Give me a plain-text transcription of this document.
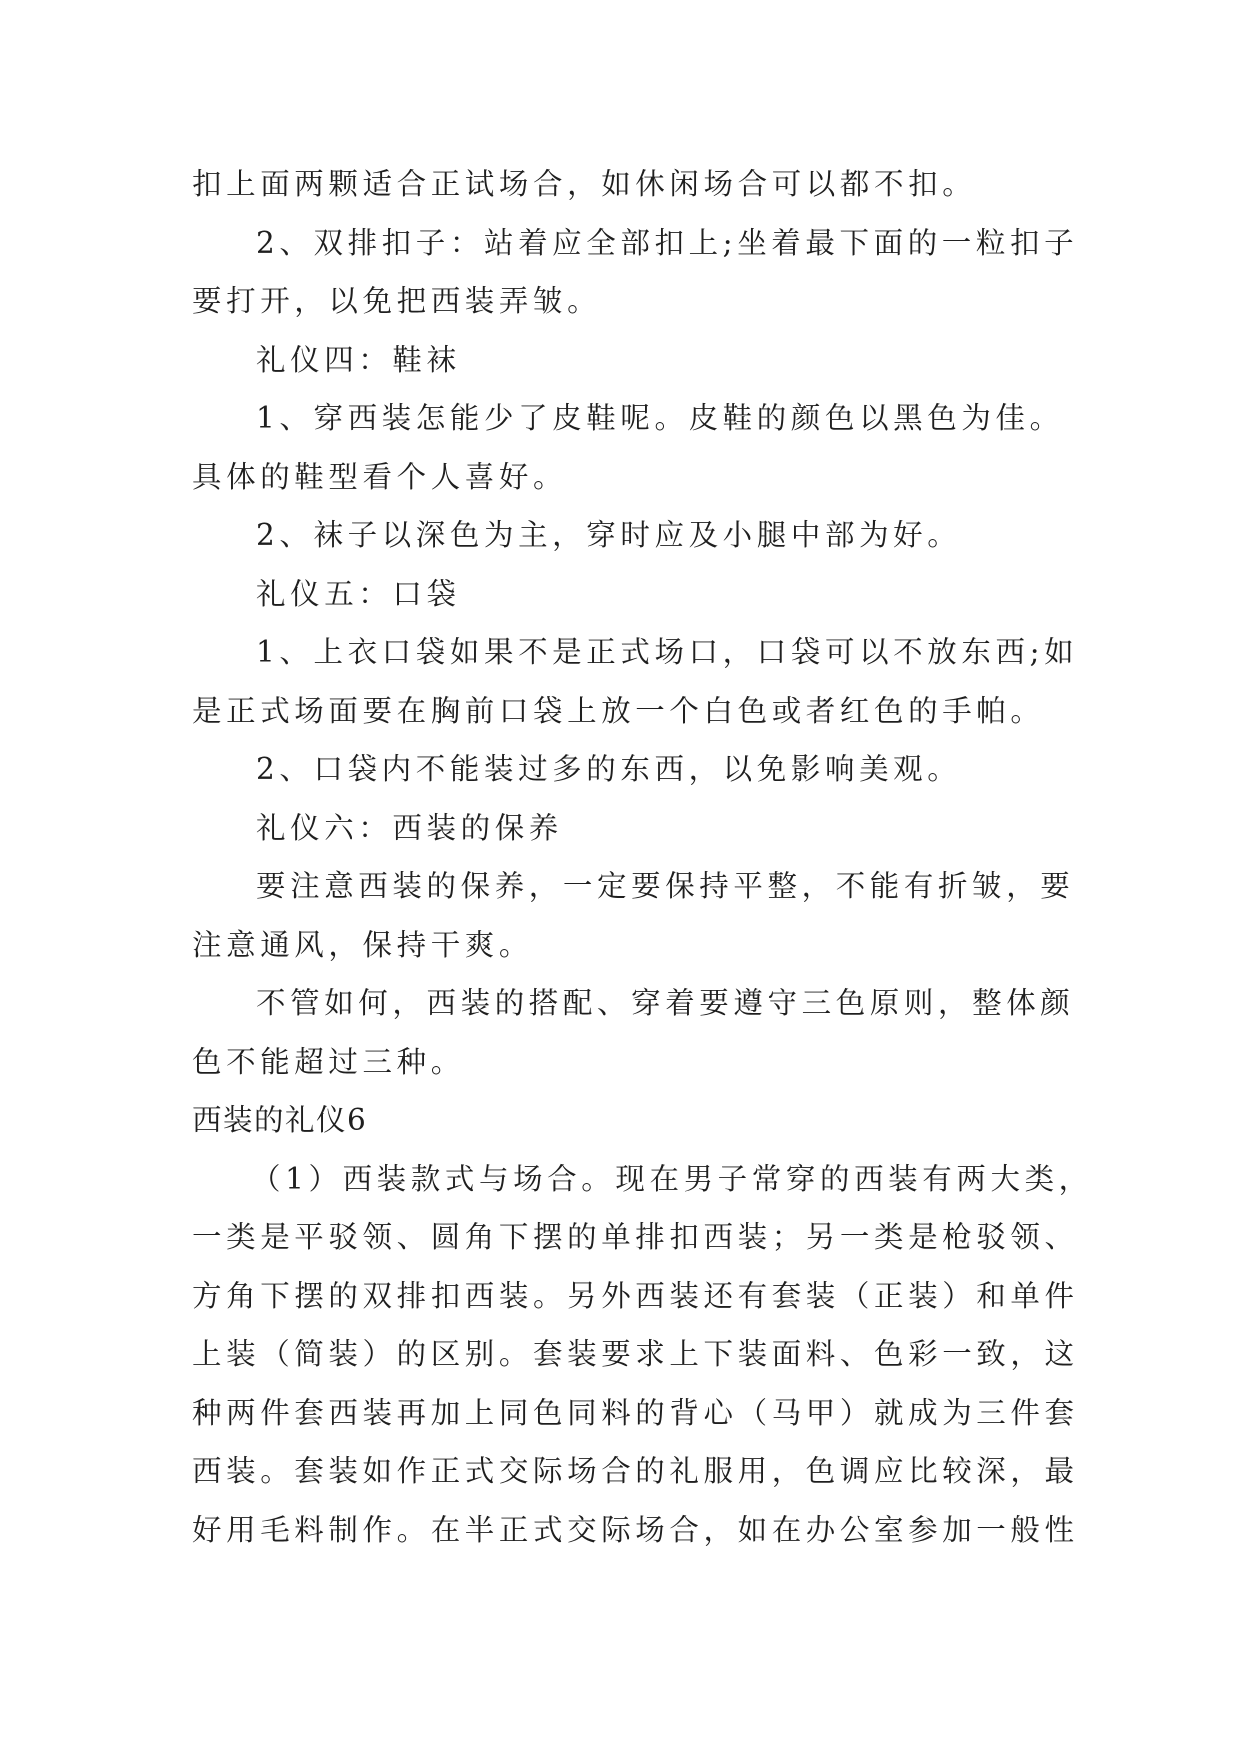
扣上面两颗适合正试场合，如休闲场合可以都不扣。
2、双排扣子：站着应全部扣上;坐着最下面的一粒扣子
要打开，以免把西装弄皱。
礼仪四：鞋袜
1、穿西装怎能少了皮鞋呢。皮鞋的颜色以黑色为佳。
具体的鞋型看个人喜好。
2、袜子以深色为主，穿时应及小腿中部为好。
礼仪五：口袋
1、上衣口袋如果不是正式场口，口袋可以不放东西;如
是正式场面要在胸前口袋上放一个白色或者红色的手帕。
2、口袋内不能装过多的东西，以免影响美观。
礼仪六：西装的保养
要注意西装的保养，一定要保持平整，不能有折皱，要
注意通风，保持干爽。
不管如何，西装的搭配、穿着要遵守三色原则，整体颜
色不能超过三种。
西装的礼仪6
（1）西装款式与场合。现在男子常穿的西装有两大类，
一类是平驳领、圆角下摆的单排扣西装；另一类是枪驳领、
方角下摆的双排扣西装。另外西装还有套装（正装）和单件
上装（简装）的区别。套装要求上下装面料、色彩一致，这
种两件套西装再加上同色同料的背心（马甲）就成为三件套
西装。套装如作正式交际场合的礼服用，色调应比较深，最
好用毛料制作。在半正式交际场合，如在办公室参加一般性
